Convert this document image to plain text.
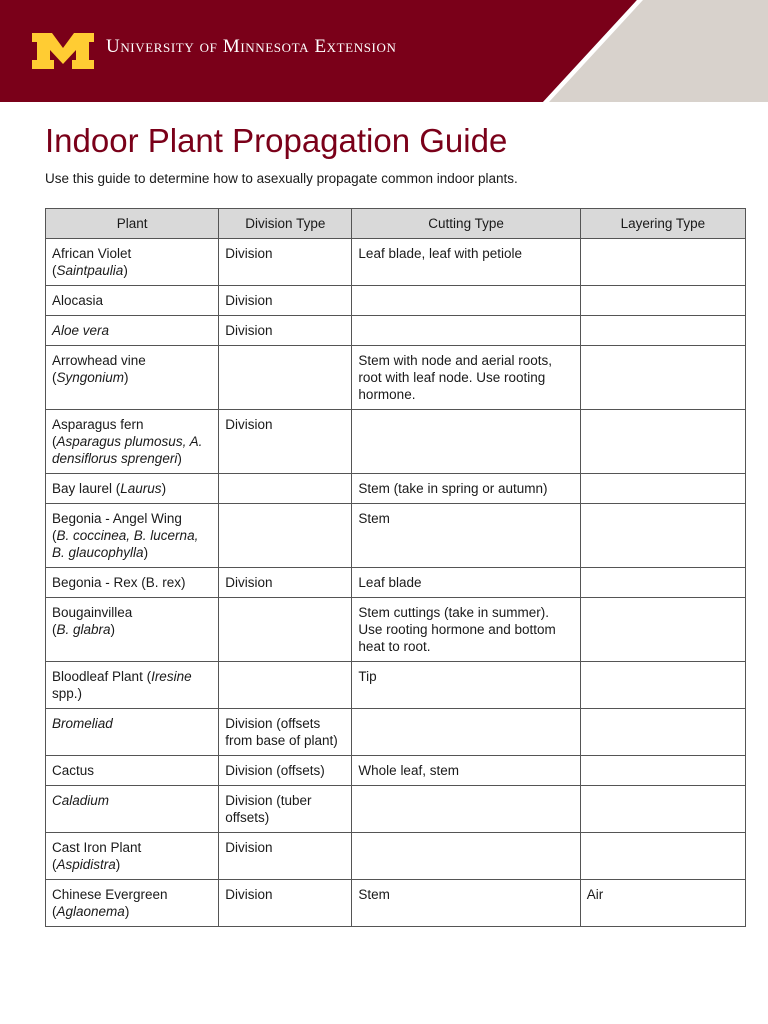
University of Minnesota Extension
Indoor Plant Propagation Guide
Use this guide to determine how to asexually propagate common indoor plants.
Plant	Division Type	Cutting Type	Layering Type
African Violet
(Saintpaulia)	Division	Leaf blade, leaf with petiole	
Alocasia	Division		
Aloe vera	Division		
Arrowhead vine
(Syngonium)		Stem with node and aerial roots, root with leaf node. Use rooting hormone.	
Asparagus fern
(Asparagus plumosus, A. densiflorus sprengeri)	Division		
Bay laurel (Laurus)		Stem (take in spring or autumn)	
Begonia - Angel Wing
(B. coccinea, B. lucerna, B. glaucophylla)		Stem	
Begonia - Rex (B. rex)	Division	Leaf blade	
Bougainvillea
(B. glabra)		Stem cuttings (take in summer). Use rooting hormone and bottom heat to root.	
Bloodleaf Plant (Iresine spp.)		Tip	
Bromeliad	Division (offsets from base of plant)		
Cactus	Division (offsets)	Whole leaf, stem	
Caladium	Division (tuber offsets)		
Cast Iron Plant
(Aspidistra)	Division		
Chinese Evergreen
(Aglaonema)	Division	Stem	Air
